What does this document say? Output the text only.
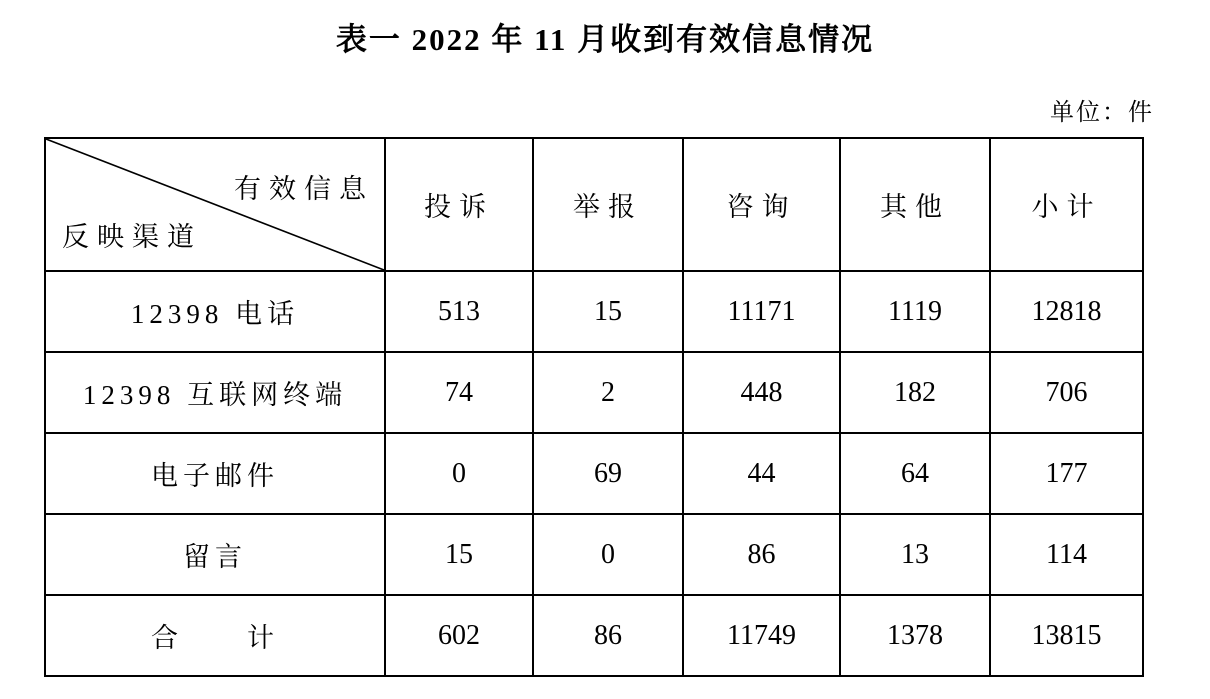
表一 2022 年 11 月收到有效信息情况
单位：件
有效信息
反映渠道	投诉	举报	咨询	其他	小计
12398 电话	513	15	11171	1119	12818
12398 互联网终端	74	2	448	182	706
电子邮件	0	69	44	64	177
留言	15	0	86	13	114
合　　计	602	86	11749	1378	13815
